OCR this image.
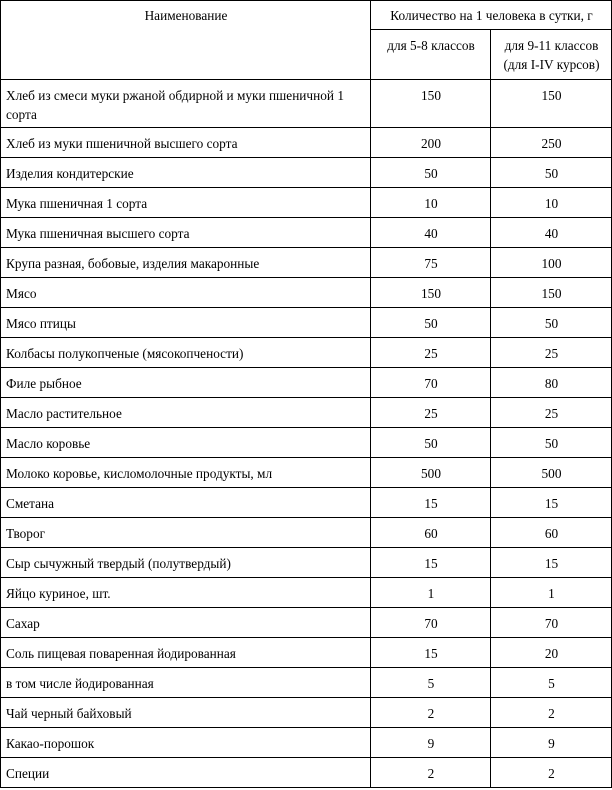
Наименование	Количество на 1 человека в сутки, г	
	для 5-8 классов	для 9-11 классов (для I-IV курсов)
Хлеб из смеси муки ржаной обдирной и муки пшеничной 1 сорта	150	150
Хлеб из муки пшеничной высшего сорта	200	250
Изделия кондитерские	50	50
Мука пшеничная 1 сорта	10	10
Мука пшеничная высшего сорта	40	40
Крупа разная, бобовые, изделия макаронные	75	100
Мясо	150	150
Мясо птицы	50	50
Колбасы полукопченые (мясокопчености)	25	25
Филе рыбное	70	80
Масло растительное	25	25
Масло коровье	50	50
Молоко коровье, кисломолочные продукты, мл	500	500
Сметана	15	15
Творог	60	60
Сыр сычужный твердый (полутвердый)	15	15
Яйцо куриное, шт.	1	1
Сахар	70	70
Соль пищевая поваренная йодированная	15	20
в том числе йодированная	5	5
Чай черный байховый	2	2
Какао-порошок	9	9
Специи	2	2
